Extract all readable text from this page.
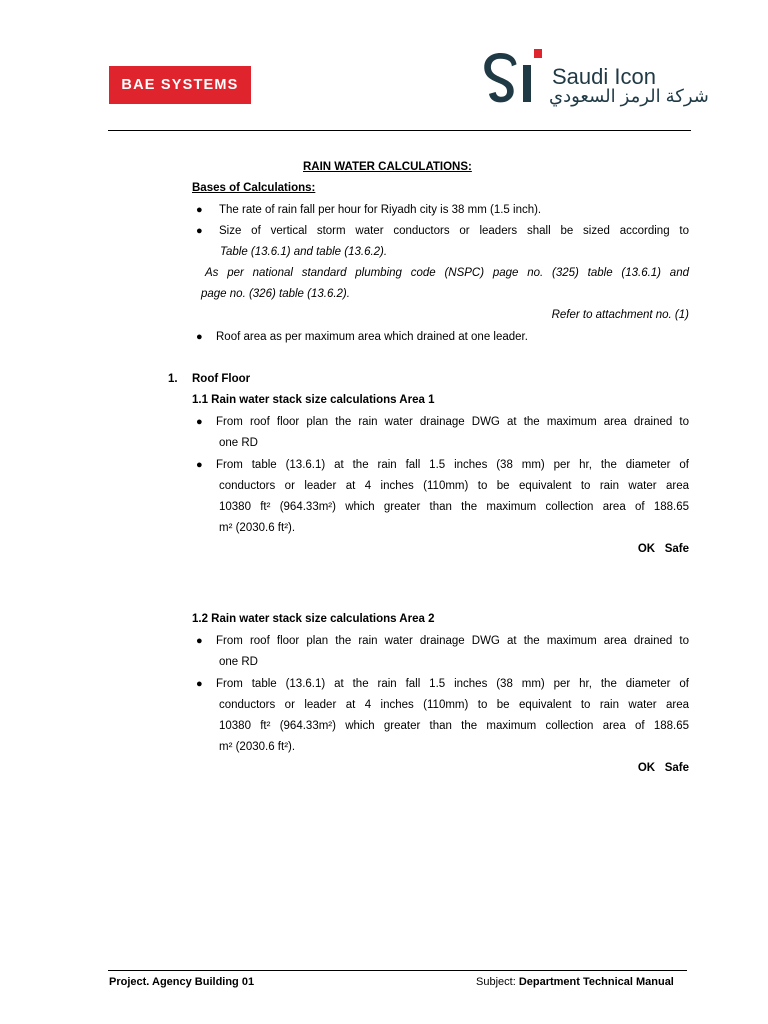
BAE SYSTEMS	Saudi Icon
شركة الرمز السعودي
RAIN WATER CALCULATIONS:
Bases of Calculations:
● The rate of rain fall per hour for Riyadh city is 38 mm (1.5 inch).
● Size of vertical storm water conductors or leaders shall be sized according to
Table (13.6.1) and table (13.6.2).
As per national standard plumbing code (NSPC) page no. (325) table (13.6.1) and
page no. (326) table (13.6.2).
Refer to attachment no. (1)
● Roof area as per maximum area which drained at one leader.
1. Roof Floor
1.1 Rain water stack size calculations Area 1
● From roof floor plan the rain water drainage DWG at the maximum area drained to
one RD
● From table (13.6.1) at the rain fall 1.5 inches (38 mm) per hr, the diameter of
conductors or leader at 4 inches (110mm) to be equivalent to rain water area
10380 ft² (964.33m²) which greater than the maximum collection area of 188.65
m² (2030.6 ft²).
OK   Safe
1.2 Rain water stack size calculations Area 2
● From roof floor plan the rain water drainage DWG at the maximum area drained to
one RD
● From table (13.6.1) at the rain fall 1.5 inches (38 mm) per hr, the diameter of
conductors or leader at 4 inches (110mm) to be equivalent to rain water area
10380 ft² (964.33m²) which greater than the maximum collection area of 188.65
m² (2030.6 ft²).
OK   Safe
Project. Agency Building 01	Subject: Department Technical Manual
